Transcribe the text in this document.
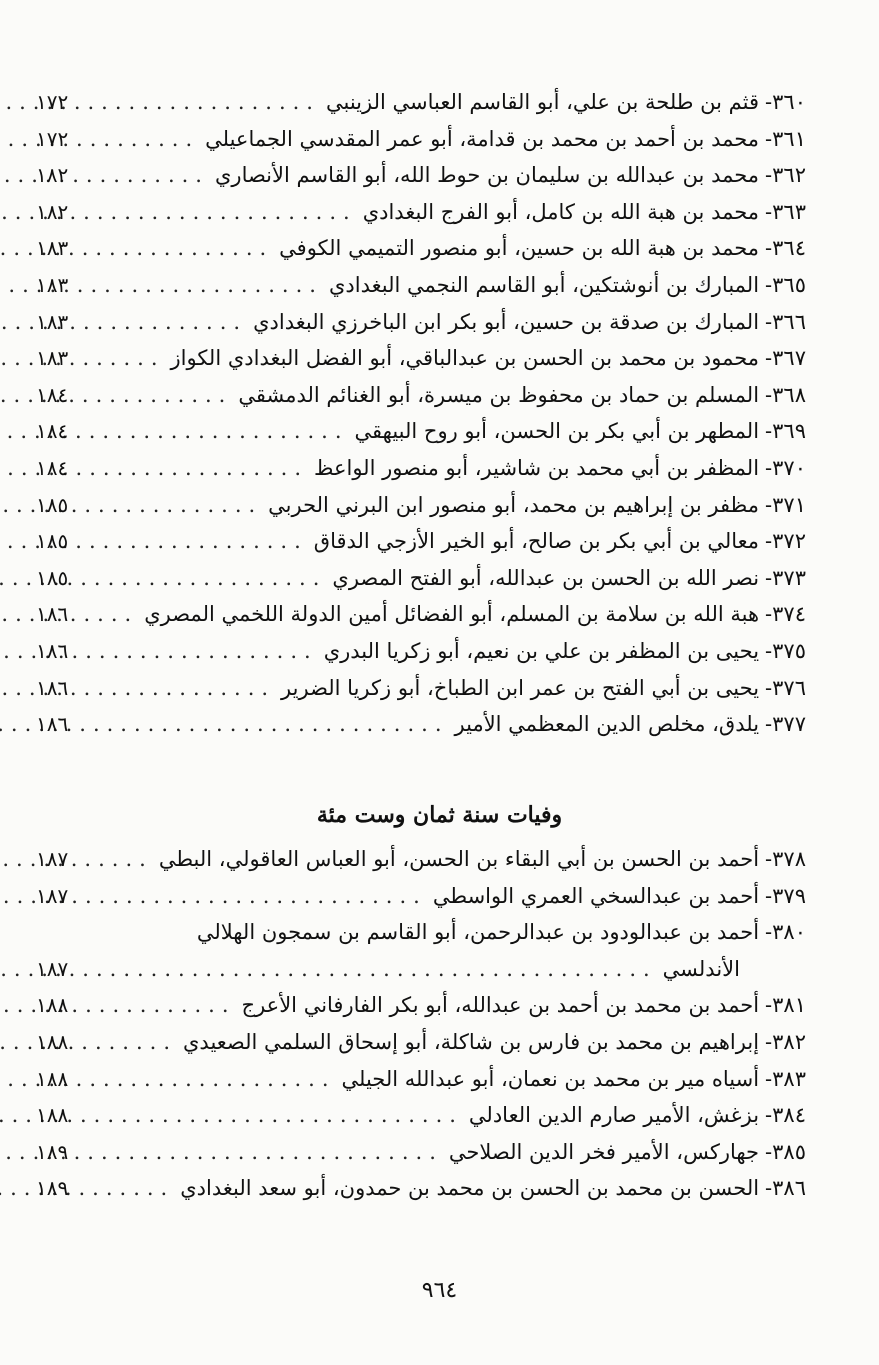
٣٦٠-
قثم بن طلحة بن علي، أبو القاسم العباسي الزينبي
.....
١٧٢
٣٦١-
محمد بن أحمد بن محمد بن قدامة، أبو عمر المقدسي الجماعيلي
.....
١٧٢
٣٦٢-
محمد بن عبدالله بن سليمان بن حوط الله، أبو القاسم الأنصاري
.....
١٨٢
٣٦٣-
محمد بن هبة الله بن كامل، أبو الفرج البغدادي
.....
١٨٢
٣٦٤-
محمد بن هبة الله بن حسين، أبو منصور التميمي الكوفي
.....
١٨٣
٣٦٥-
المبارك بن أنوشتكين، أبو القاسم النجمي البغدادي
.....
١٨٣
٣٦٦-
المبارك بن صدقة بن حسين، أبو بكر ابن الباخرزي البغدادي
.....
١٨٣
٣٦٧-
محمود بن محمد بن الحسن بن عبدالباقي، أبو الفضل البغدادي الكواز
.....
١٨٣
٣٦٨-
المسلم بن حماد بن محفوظ بن ميسرة، أبو الغنائم الدمشقي
.....
١٨٤
٣٦٩-
المطهر بن أبي بكر بن الحسن، أبو روح البيهقي
.....
١٨٤
٣٧٠-
المظفر بن أبي محمد بن شاشير، أبو منصور الواعظ
.....
١٨٤
٣٧١-
مظفر بن إبراهيم بن محمد، أبو منصور ابن البرني الحربي
.....
١٨٥
٣٧٢-
معالي بن أبي بكر بن صالح، أبو الخير الأزجي الدقاق
.....
١٨٥
٣٧٣-
نصر الله بن الحسن بن عبدالله، أبو الفتح المصري
.....
١٨٥
٣٧٤-
هبة الله بن سلامة بن المسلم، أبو الفضائل أمين الدولة اللخمي المصري
.....
١٨٦
٣٧٥-
يحيى بن المظفر بن علي بن نعيم، أبو زكريا البدري
.....
١٨٦
٣٧٦-
يحيى بن أبي الفتح بن عمر ابن الطباخ، أبو زكريا الضرير
.....
١٨٦
٣٧٧-
يلدق، مخلص الدين المعظمي الأمير
.....
١٨٦
وفيات سنة ثمان وست مئة
٣٧٨-
أحمد بن الحسن بن أبي البقاء بن الحسن، أبو العباس العاقولي، البطي
.....
١٨٧
٣٧٩-
أحمد بن عبدالسخي العمري الواسطي
.....
١٨٧
٣٨٠-
أحمد بن عبدالودود بن عبدالرحمن، أبو القاسم بن سمجون الهلالي
الأندلسي
.....
١٨٧
٣٨١-
أحمد بن محمد بن أحمد بن عبدالله، أبو بكر الفارفاني الأعرج
.....
١٨٨
٣٨٢-
إبراهيم بن محمد بن فارس بن شاكلة، أبو إسحاق السلمي الصعيدي
.....
١٨٨
٣٨٣-
أسياه مير بن محمد بن نعمان، أبو عبدالله الجيلي
.....
١٨٨
٣٨٤-
بزغش، الأمير صارم الدين العادلي
.....
١٨٨
٣٨٥-
جهاركس، الأمير فخر الدين الصلاحي
.....
١٨٩
٣٨٦-
الحسن بن محمد بن الحسن بن محمد بن حمدون، أبو سعد البغدادي
.....
١٨٩
٩٦٤
